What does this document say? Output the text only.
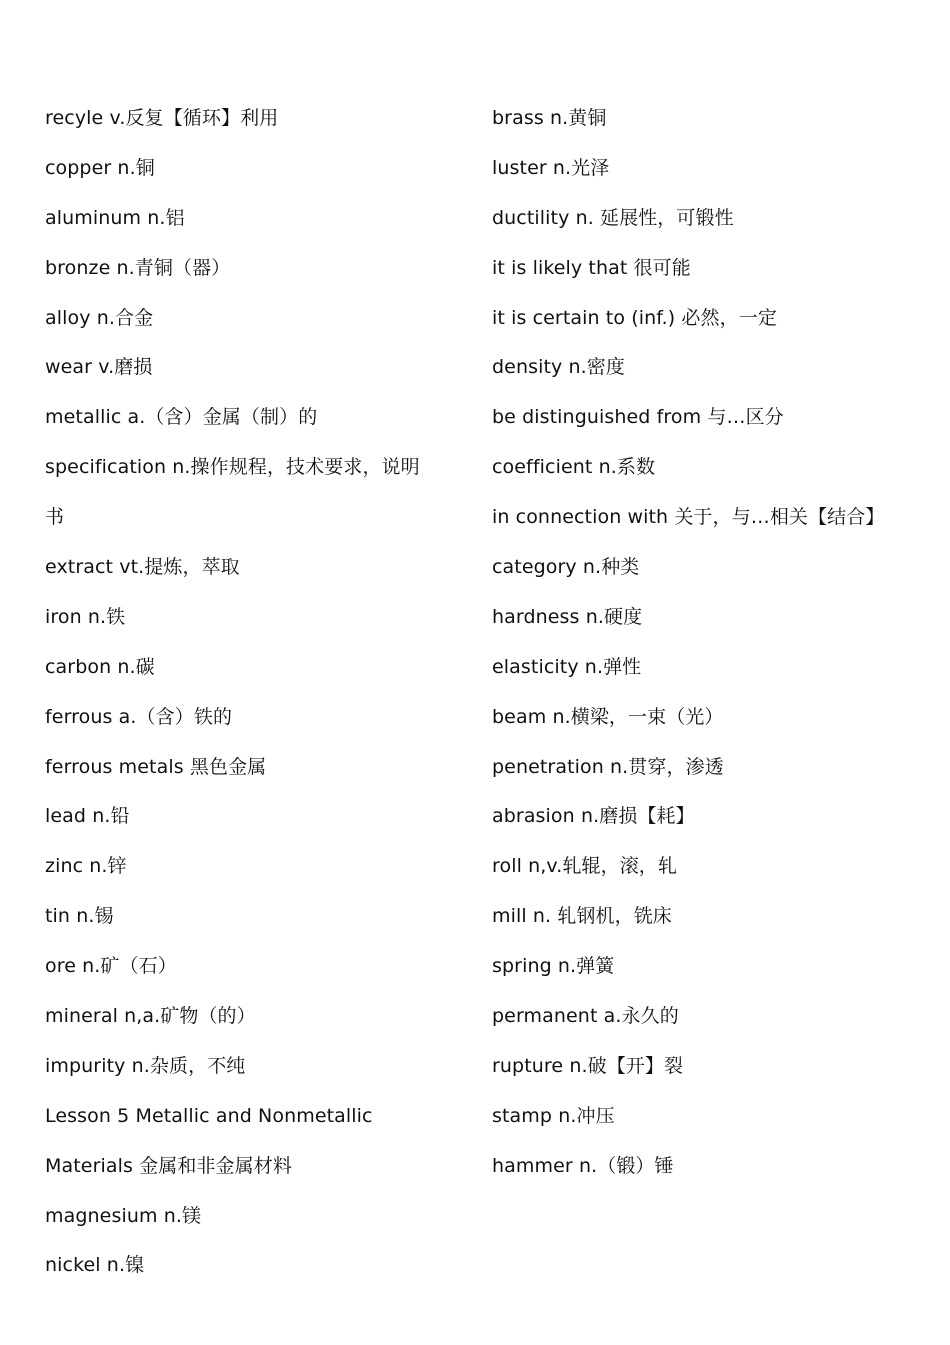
recyle v.反复【循环】利用
copper n.铜
aluminum n.铝
bronze n.青铜（器）
alloy n.合金
wear v.磨损
metallic a.（含）金属（制）的
specification n.操作规程，技术要求，说明
书
extract vt.提炼，萃取
iron n.铁
carbon n.碳
ferrous a.（含）铁的
ferrous metals 黑色金属
lead n.铅
zinc n.锌
tin n.锡
ore n.矿（石）
mineral n,a.矿物（的）
impurity n.杂质，不纯
Lesson 5 Metallic and Nonmetallic
Materials 金属和非金属材料
magnesium n.镁
nickel n.镍
brass n.黄铜
luster n.光泽
ductility n. 延展性，可锻性
it is likely that 很可能
it is certain to (inf.) 必然，一定
density n.密度
be distinguished from 与…区分
coefficient n.系数
in connection with 关于，与…相关【结合】
category n.种类
hardness n.硬度
elasticity n.弹性
beam n.横梁，一束（光）
penetration n.贯穿，渗透
abrasion n.磨损【耗】
roll n,v.轧辊，滚，轧
mill n. 轧钢机，铣床
spring n.弹簧
permanent a.永久的
rupture n.破【开】裂
stamp n.冲压
hammer n.（锻）锤
